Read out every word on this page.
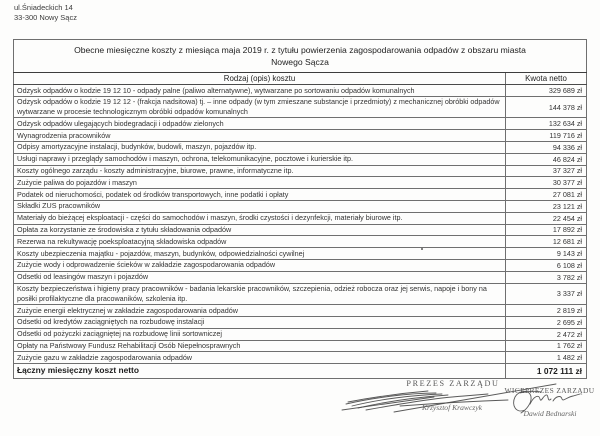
ul.Śniadeckich 14
33-300 Nowy Sącz
Obecne miesięczne koszty z miesiąca maja 2019 r. z tytułu powierzenia zagospodarowania odpadów z obszaru miasta
Nowego Sącza	

Rodzaj (opis) kosztu	Kwota netto
Odzysk odpadów o kodzie 19 12 10 - odpady palne (paliwo alternatywne), wytwarzane po sortowaniu odpadów komunalnych	329 689 zł
Odzysk odpadów o kodzie 19 12 12 - (frakcja nadsitowa) tj. – inne odpady (w tym zmieszane substancje i przedmioty) z mechanicznej obróbki odpadów wytwarzane w procesie technologicznym obróbki odpadów komunalnych	144 378 zł
Odzysk odpadów ulegających biodegradacji i odpadów zielonych	132 634 zł
Wynagrodzenia pracowników	119 716 zł
Odpisy amortyzacyjne instalacji, budynków, budowli, maszyn, pojazdów itp.	94 336 zł
Usługi naprawy i przeglądy samochodów i maszyn, ochrona, telekomunikacyjne, pocztowe i kurierskie itp.	46 824 zł
Koszty ogólnego zarządu - koszty administracyjne, biurowe, prawne, informatyczne itp.	37 327 zł
Zużycie paliwa do pojazdów i maszyn	30 377 zł
Podatek od nieruchomości, podatek od środków transportowych, inne podatki i opłaty	27 081 zł
Składki ZUS pracowników	23 121 zł
Materiały do bieżącej eksploatacji - części do samochodów i maszyn, środki czystości i dezynfekcji, materiały biurowe itp.	22 454 zł
Opłata za korzystanie ze środowiska z tytułu składowania odpadów	17 892 zł
Rezerwa na rekultywację poeksploatacyjną składowiska odpadów	12 681 zł
Koszty ubezpieczenia majątku - pojazdów, maszyn, budynków, odpowiedzialności cywilnej	9 143 zł
Zużycie wody i odprowadzenie ścieków w zakładzie zagospodarowania odpadów	6 108 zł
Odsetki od leasingów maszyn i pojazdów	3 782 zł
Koszty bezpieczeństwa i higieny pracy pracowników - badania lekarskie pracowników, szczepienia, odzież robocza oraz jej serwis, napoje i bony na posiłki profilaktyczne dla pracowaników, szkolenia itp.	3 337 zł
Zużycie energii elektrycznej w zakładzie zagospodarowania odpadów	2 819 zł
Odsetki od kredytów zaciągniętych na rozbudowę instalacji	2 695 zł
Odsetki od pożyczki zaciągniętej na rozbudowę linii sortowniczej	2 472 zł
Opłaty na Państwowy Fundusz Rehabilitacji Osób Niepełnosprawnych	1 762 zł
Zużycie gazu w zakładzie zagospodarowania odpadów	1 482 zł
Łączny miesięczny koszt netto	1 072 111 zł
PREZES ZARZĄDU
Krzysztof Krawczyk
WICEPREZES ZARZĄDU
Dawid Bednarski
